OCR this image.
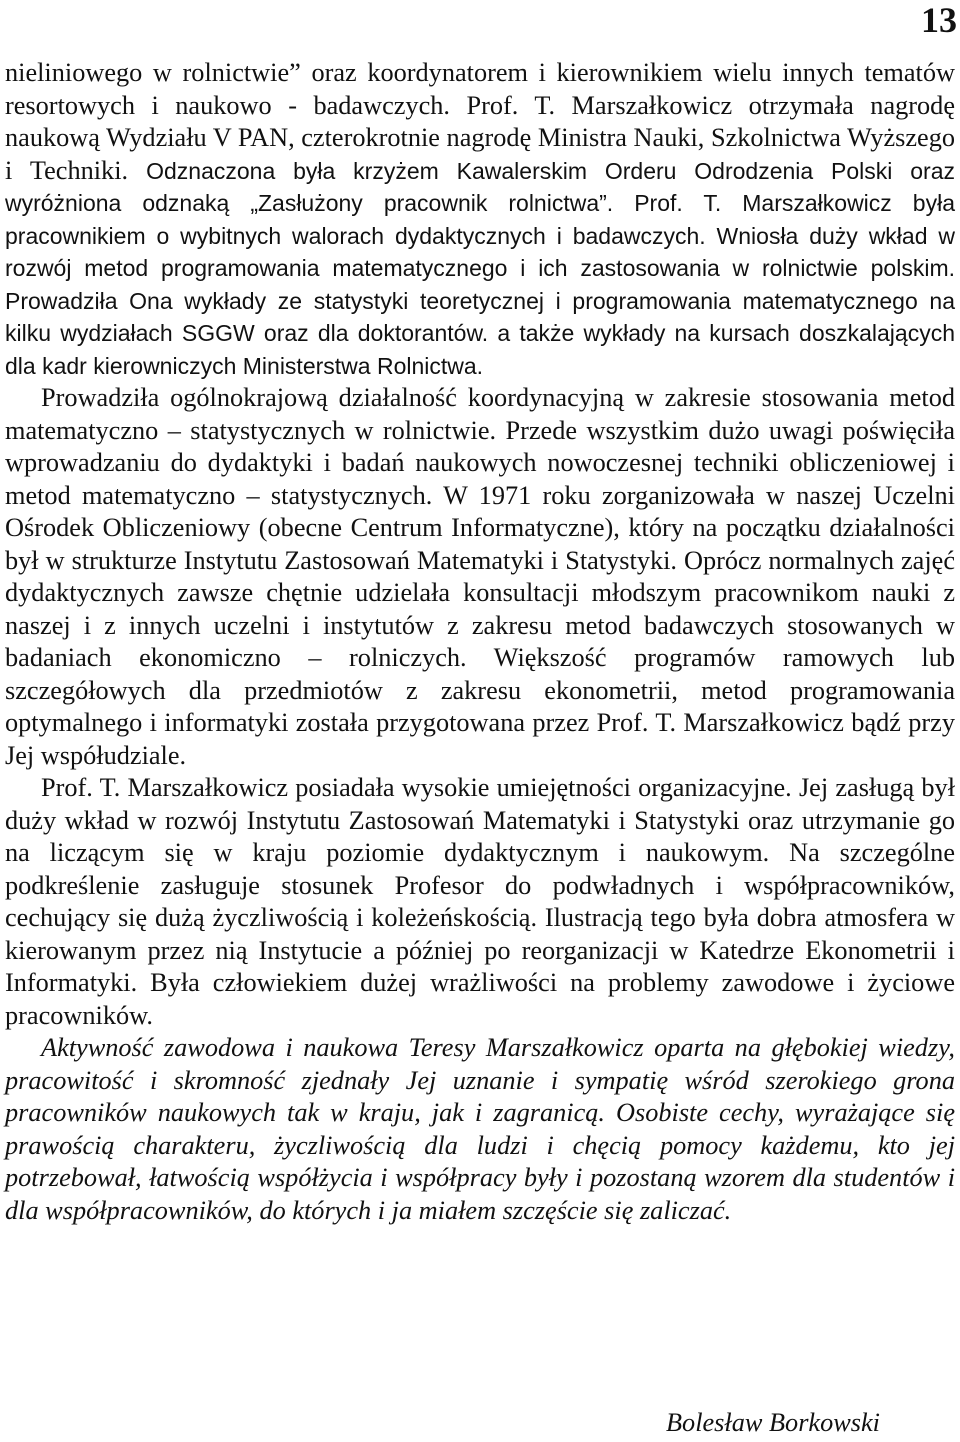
13

nieliniowego w rolnictwie” oraz koordynatorem i kierownikiem wielu innych tematów resortowych i naukowo - badawczych. Prof. T. Marszałkowicz otrzymała nagrodę naukową Wydziału V PAN, czterokrotnie nagrodę Ministra Nauki, Szkolnictwa Wyższego i Techniki. Odznaczona była krzyżem Kawalerskim Orderu Odrodzenia Polski oraz wyróżniona odznaką „Zasłużony pracownik rolnictwa”. Prof. T. Marszałkowicz była pracownikiem o wybitnych walorach dydaktycznych i badawczych. Wniosła duży wkład w rozwój metod programowania matematycznego i ich zastosowania w rolnictwie polskim. Prowadziła Ona wykłady ze statystyki teoretycznej i programowania matematycznego na kilku wydziałach SGGW oraz dla doktorantów. a także wykłady na kursach doszkalających dla kadr kierowniczych Ministerstwa Rolnictwa.

Prowadziła ogólnokrajową działalność koordynacyjną w zakresie stosowania metod matematyczno – statystycznych w rolnictwie. Przede wszystkim dużo uwagi poświęciła wprowadzaniu do dydaktyki i badań naukowych nowoczesnej techniki obliczeniowej i metod matematyczno – statystycznych. W 1971 roku zorganizowała w naszej Uczelni Ośrodek Obliczeniowy (obecne Centrum Informatyczne), który na początku działalności był w strukturze Instytutu Zastosowań Matematyki i Statystyki. Oprócz normalnych zajęć dydaktycznych zawsze chętnie udzielała konsultacji młodszym pracownikom nauki z naszej i z innych uczelni i instytutów z zakresu metod badawczych stosowanych w badaniach ekonomiczno – rolniczych. Większość programów ramowych lub szczegółowych dla przedmiotów z zakresu ekonometrii, metod programowania optymalnego i informatyki została przygotowana przez Prof. T. Marszałkowicz bądź przy Jej współudziale.

Prof. T. Marszałkowicz posiadała wysokie umiejętności organizacyjne. Jej zasługą był duży wkład w rozwój Instytutu Zastosowań Matematyki i Statystyki oraz utrzymanie go na liczącym się w kraju poziomie dydaktycznym i naukowym. Na szczególne podkreślenie zasługuje stosunek Profesor do podwładnych i współpracowników, cechujący się dużą życzliwością i koleżeńskością. Ilustracją tego była dobra atmosfera w kierowanym przez nią Instytucie a później po reorganizacji w Katedrze Ekonometrii i Informatyki. Była człowiekiem dużej wrażliwości na problemy zawodowe i życiowe pracowników.

Aktywność zawodowa i naukowa Teresy Marszałkowicz oparta na głębokiej wiedzy, pracowitość i skromność zjednały Jej uznanie i sympatię wśród szerokiego grona pracowników naukowych tak w kraju, jak i zagranicą. Osobiste cechy, wyrażające się prawością charakteru, życzliwością dla ludzi i chęcią pomocy każdemu, kto jej potrzebował, łatwością współżycia i współpracy były i pozostaną wzorem dla studentów i dla współpracowników, do których i ja miałem szczęście się zaliczać.

Bolesław Borkowski
